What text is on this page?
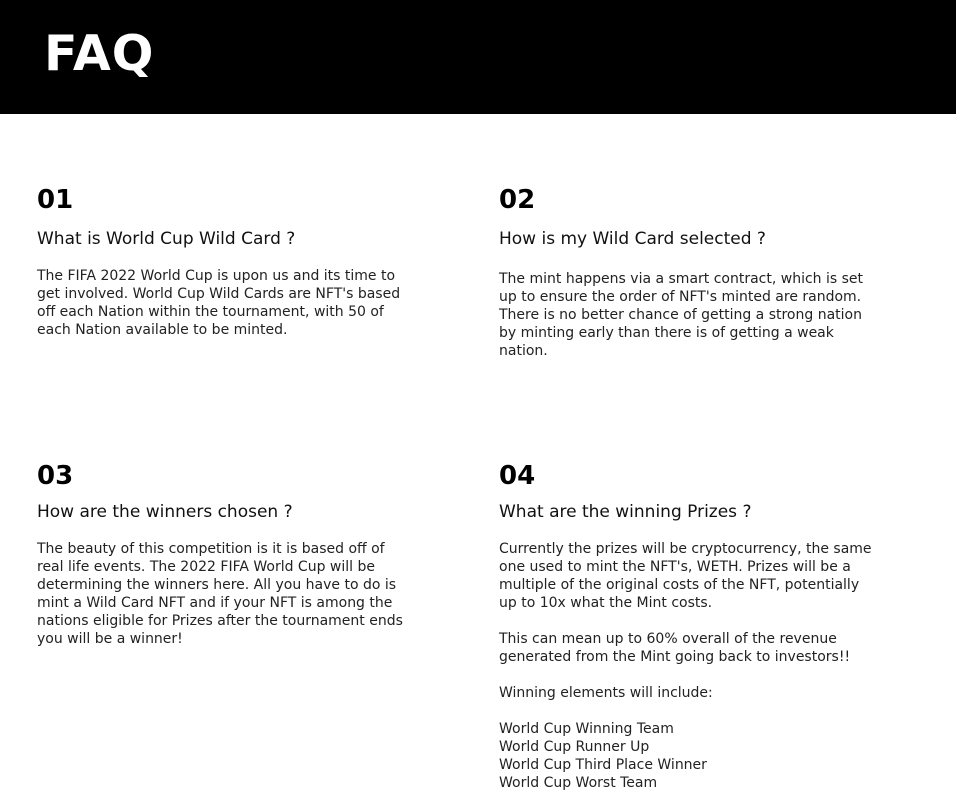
FAQ
01
What is World Cup Wild Card ?

The FIFA 2022 World Cup is upon us and its time to
get involved. World Cup Wild Cards are NFT's based
off each Nation within the tournament, with 50 of
each Nation available to be minted.

02
How is my Wild Card selected ?

The mint happens via a smart contract, which is set
up to ensure the order of NFT's minted are random.
There is no better chance of getting a strong nation
by minting early than there is of getting a weak
nation.

03
How are the winners chosen ?

The beauty of this competition is it is based off of
real life events. The 2022 FIFA World Cup will be
determining the winners here. All you have to do is
mint a Wild Card NFT and if your NFT is among the
nations eligible for Prizes after the tournament ends
you will be a winner!

04
What are the winning Prizes ?

Currently the prizes will be cryptocurrency, the same
one used to mint the NFT's, WETH. Prizes will be a
multiple of the original costs of the NFT, potentially
up to 10x what the Mint costs.

This can mean up to 60% overall of the revenue
generated from the Mint going back to investors!!

Winning elements will include:

World Cup Winning Team
World Cup Runner Up
World Cup Third Place Winner
World Cup Worst Team
